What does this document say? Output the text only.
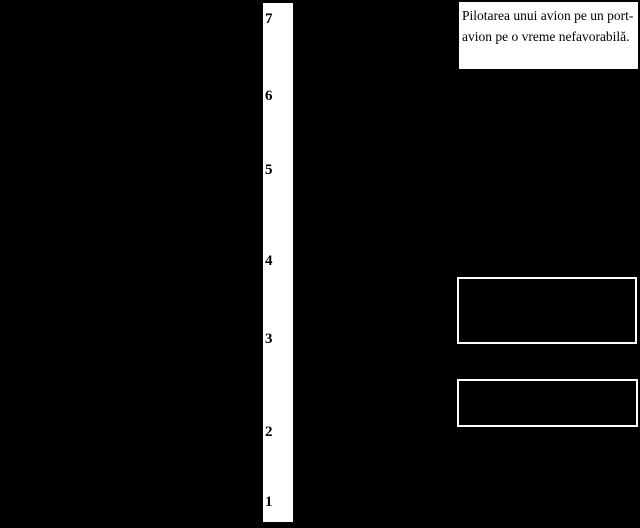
7
6
5
4
3
2
1
Pilotarea unui avion pe un port-
avion pe o vreme nefavorabilă.
